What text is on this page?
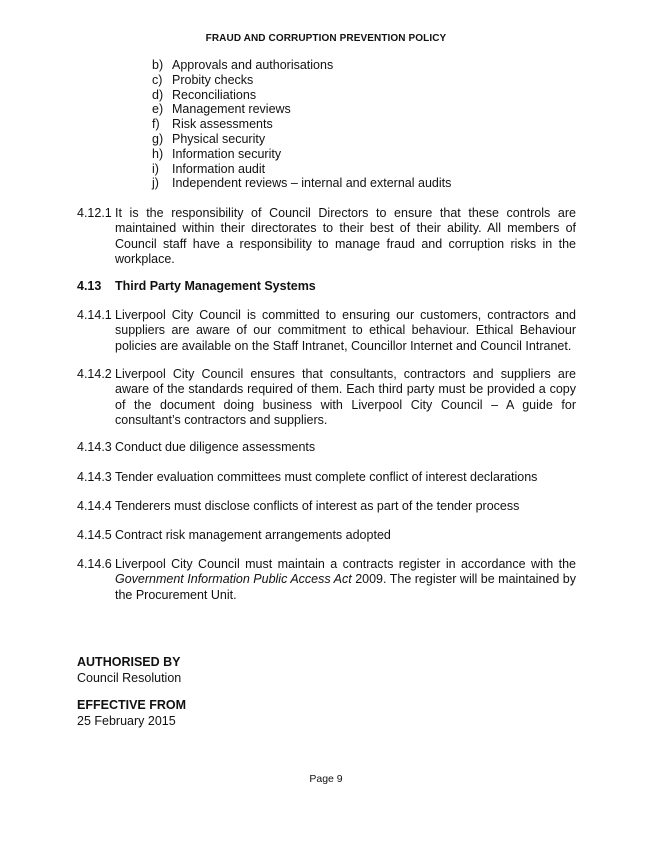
FRAUD AND CORRUPTION PREVENTION POLICY
b) Approvals and authorisations
c) Probity checks
d) Reconciliations
e) Management reviews
f) Risk assessments
g) Physical security
h) Information security
i) Information audit
j) Independent reviews – internal and external audits
4.12.1 It is the responsibility of Council Directors to ensure that these controls are maintained within their directorates to their best of their ability. All members of Council staff have a responsibility to manage fraud and corruption risks in the workplace.
4.13 Third Party Management Systems
4.14.1 Liverpool City Council is committed to ensuring our customers, contractors and suppliers are aware of our commitment to ethical behaviour. Ethical Behaviour policies are available on the Staff Intranet, Councillor Internet and Council Intranet.
4.14.2 Liverpool City Council ensures that consultants, contractors and suppliers are aware of the standards required of them. Each third party must be provided a copy of the document doing business with Liverpool City Council – A guide for consultant’s contractors and suppliers.
4.14.3 Conduct due diligence assessments
4.14.3 Tender evaluation committees must complete conflict of interest declarations
4.14.4 Tenderers must disclose conflicts of interest as part of the tender process
4.14.5 Contract risk management arrangements adopted
4.14.6 Liverpool City Council must maintain a contracts register in accordance with the Government Information Public Access Act 2009. The register will be maintained by the Procurement Unit.
AUTHORISED BY
Council Resolution
EFFECTIVE FROM
25 February 2015
Page 9
